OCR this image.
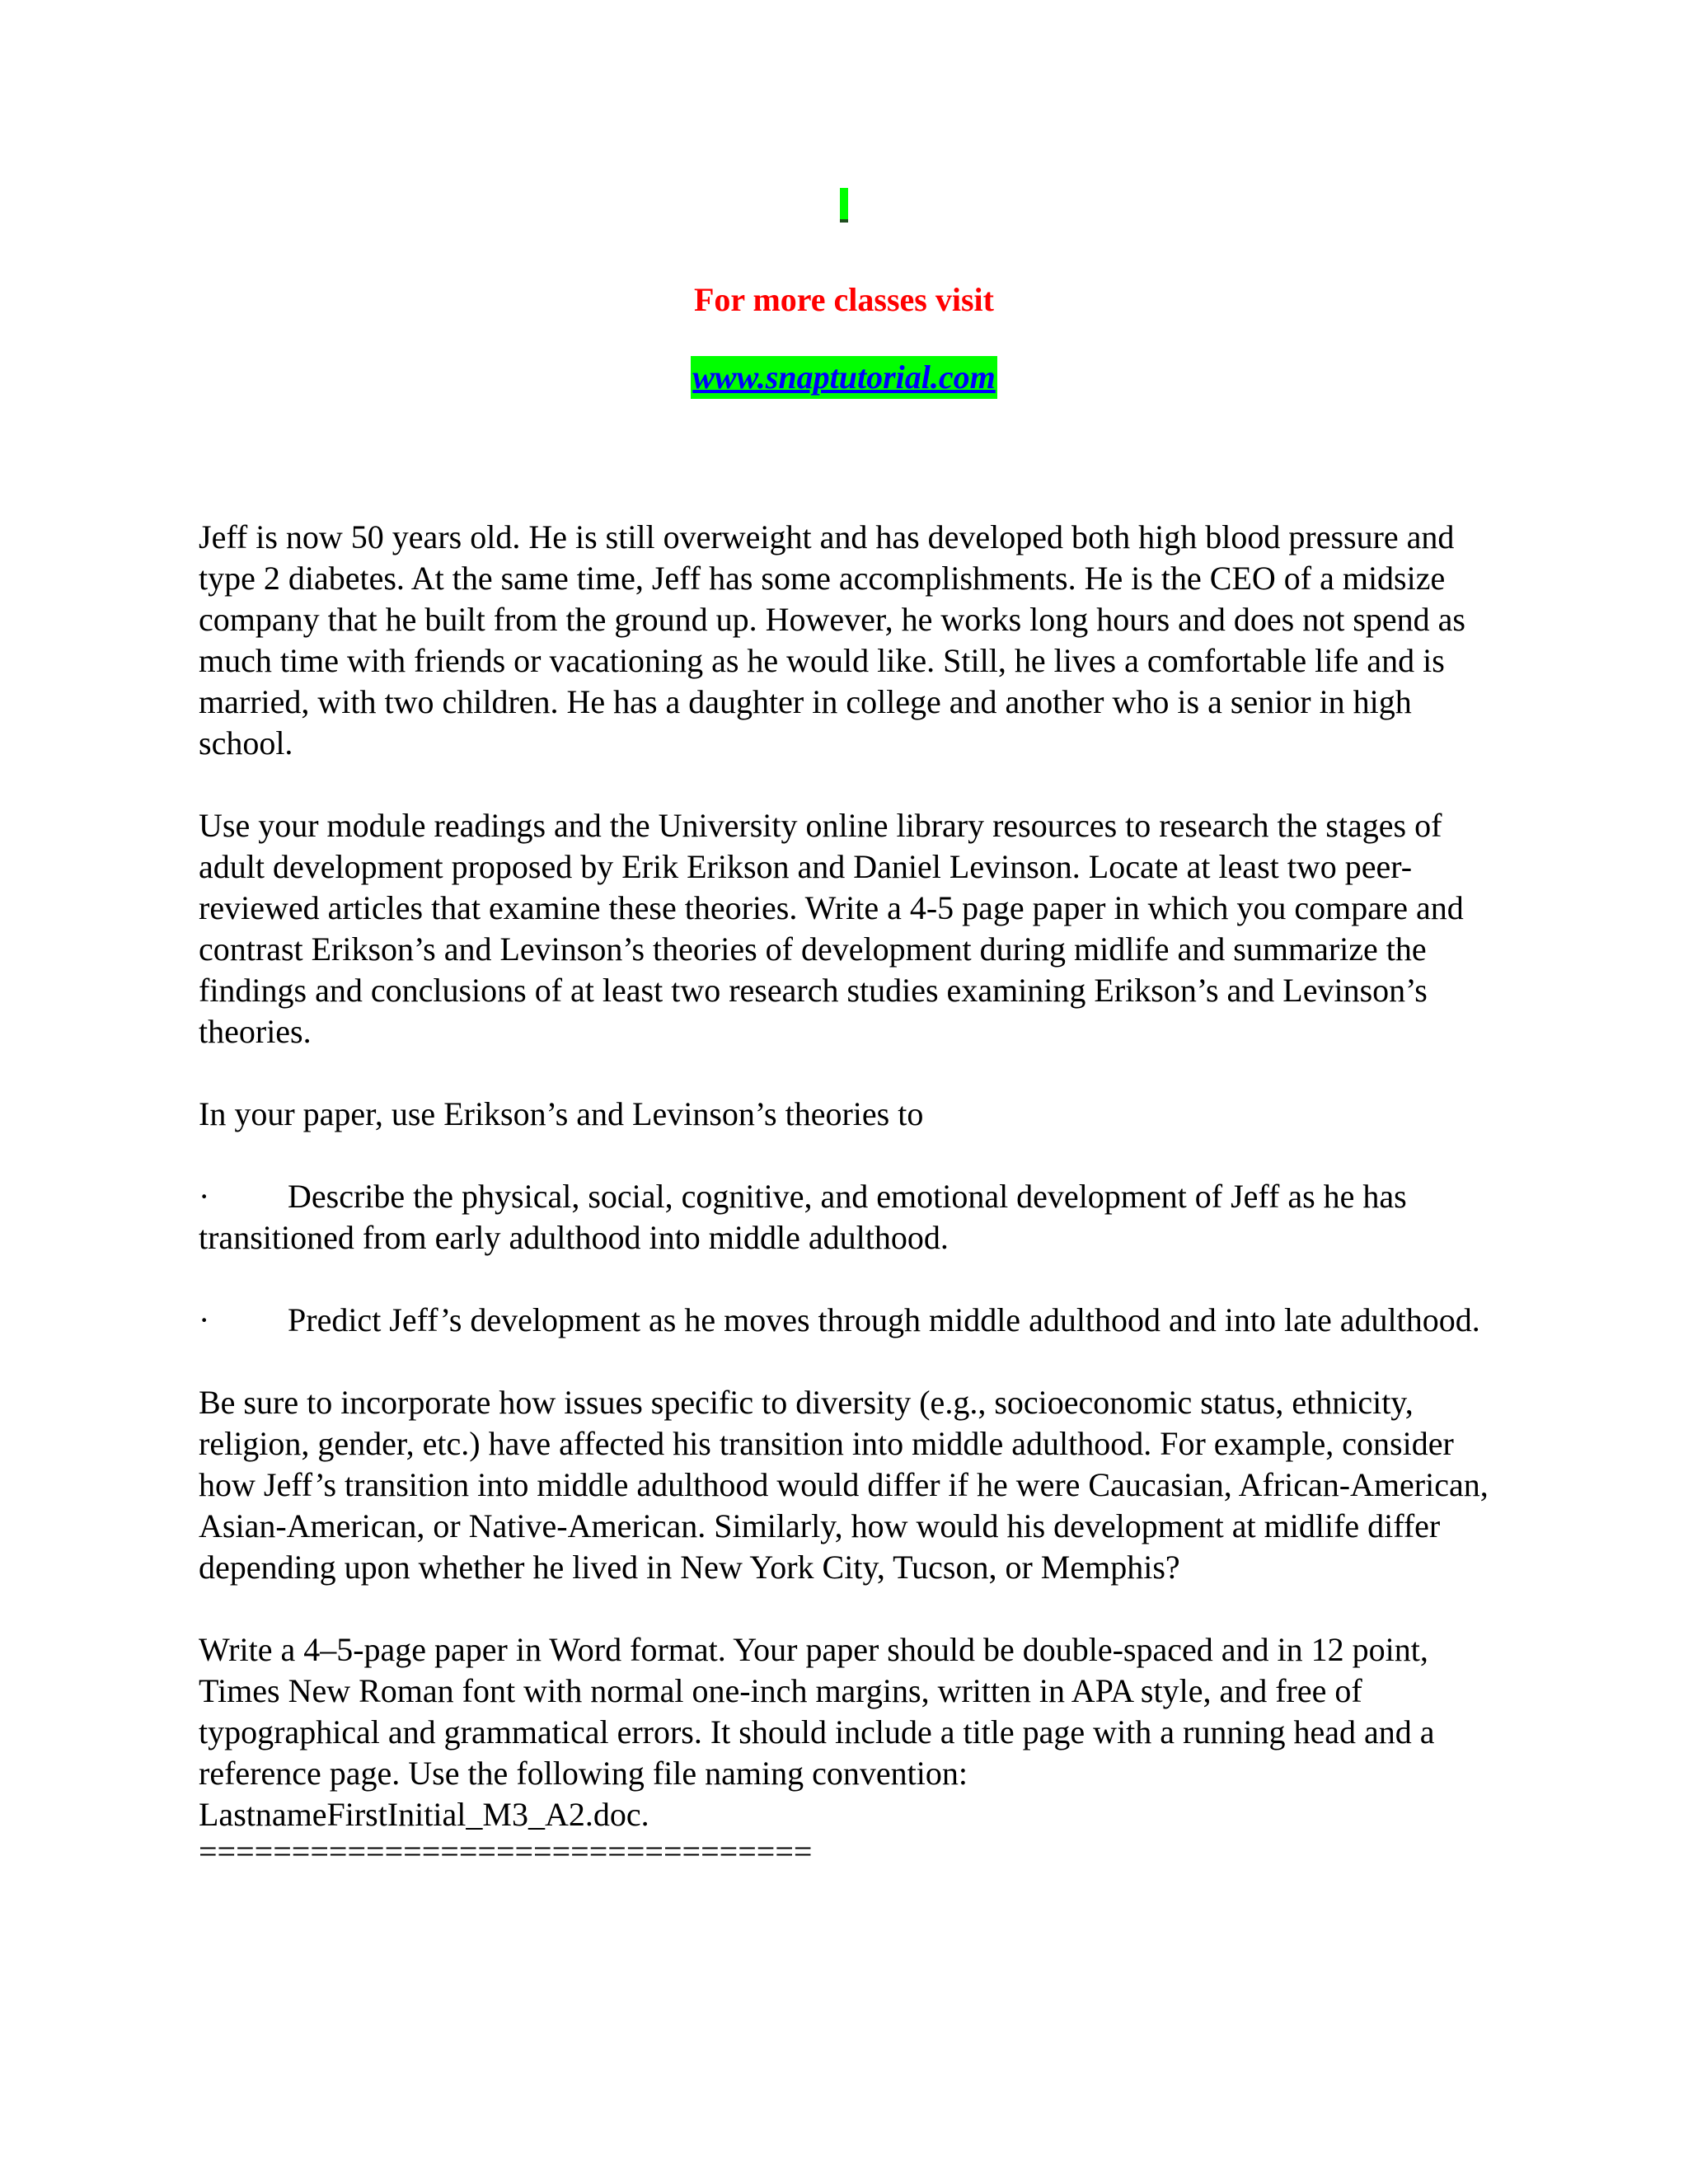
For more classes visit
www.snaptutorial.com

Jeff is now 50 years old. He is still overweight and has developed both high blood pressure and type 2 diabetes. At the same time, Jeff has some accomplishments. He is the CEO of a midsize company that he built from the ground up. However, he works long hours and does not spend as much time with friends or vacationing as he would like. Still, he lives a comfortable life and is married, with two children. He has a daughter in college and another who is a senior in high school.

Use your module readings and the University online library resources to research the stages of adult development proposed by Erik Erikson and Daniel Levinson. Locate at least two peer-reviewed articles that examine these theories. Write a 4-5 page paper in which you compare and contrast Erikson’s and Levinson’s theories of development during midlife and summarize the findings and conclusions of at least two research studies examining Erikson’s and Levinson’s theories.

In your paper, use Erikson’s and Levinson’s theories to

· Describe the physical, social, cognitive, and emotional development of Jeff as he has transitioned from early adulthood into middle adulthood.

· Predict Jeff’s development as he moves through middle adulthood and into late adulthood.

Be sure to incorporate how issues specific to diversity (e.g., socioeconomic status, ethnicity, religion, gender, etc.) have affected his transition into middle adulthood. For example, consider how Jeff’s transition into middle adulthood would differ if he were Caucasian, African-American, Asian-American, or Native-American. Similarly, how would his development at midlife differ depending upon whether he lived in New York City, Tucson, or Memphis?

Write a 4–5-page paper in Word format. Your paper should be double-spaced and in 12 point, Times New Roman font with normal one-inch margins, written in APA style, and free of typographical and grammatical errors. It should include a title page with a running head and a reference page. Use the following file naming convention:
LastnameFirstInitial_M3_A2.doc.

=================================
